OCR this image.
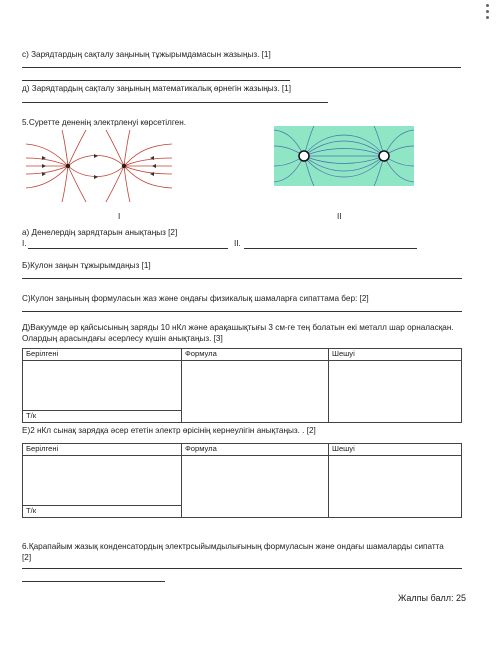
с) Зарядтардың сақталу заңының тұжырымдамасын жазыңыз. [1]
д) Зарядтардың сақталу заңының математикалық өрнегін жазыңыз. [1]
5.Суретте дененің электрленуі көрсетілген.
I	II
а) Денелердің зарядтарын анықтаңыз [2]
I.	II.
Б)Кулон заңын тұжырымдаңыз [1]
С)Кулон заңының формуласын жаз және ондағы физикалық шамаларға сипаттама бер: [2]
Д)Вакуумде әр қайсысының заряды 10 нКл және арақашықтығы 3 см-ге тең болатын екі металл шар орналасқан. Олардың арасындағы әсерлесу күшін анықтаңыз. [3]
Берілгені	Формула	Шешуі

Т/к		
Е)2 нКл сынақ зарядқа әсер ететін электр өрісінің кернеулігін анықтаңыз. . [2]
Берілгені	Формула	Шешуі

Т/к		
6.Қарапайым жазық конденсатордың электрсыйымдылығының формуласын және ондағы шамаларды сипатта [2]
Жалпы балл: 25
